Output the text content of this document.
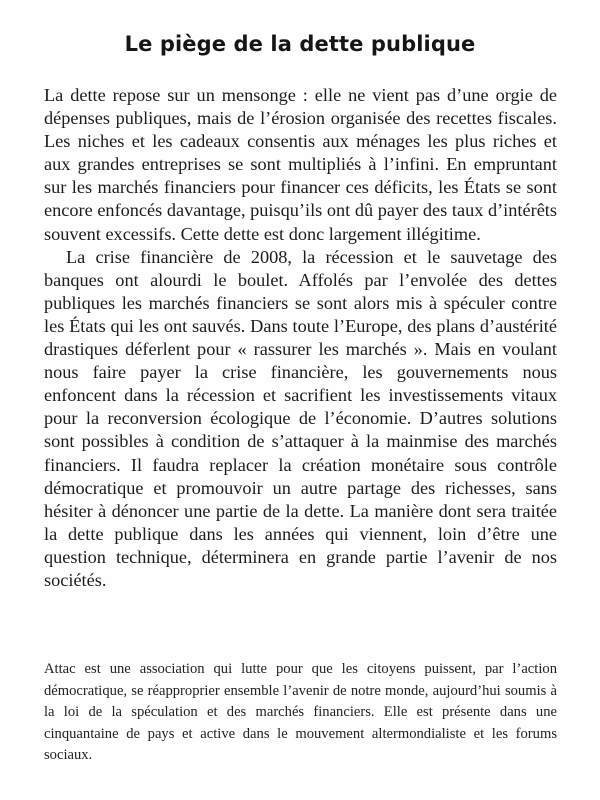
Le piège de la dette publique

La dette repose sur un mensonge : elle ne vient pas d’une orgie de dépenses publiques, mais de l’érosion organisée des recettes fiscales. Les niches et les cadeaux consentis aux ménages les plus riches et aux grandes entreprises se sont multipliés à l’infini. En empruntant sur les marchés financiers pour financer ces déficits, les États se sont encore enfoncés davantage, puisqu’ils ont dû payer des taux d’intérêts souvent excessifs. Cette dette est donc largement illégitime.

La crise financière de 2008, la récession et le sauvetage des banques ont alourdi le boulet. Affolés par l’envolée des dettes publiques les marchés financiers se sont alors mis à spéculer contre les États qui les ont sauvés. Dans toute l’Europe, des plans d’austérité drastiques déferlent pour « rassurer les marchés ». Mais en voulant nous faire payer la crise financière, les gouvernements nous enfoncent dans la récession et sacrifient les investissements vitaux pour la reconversion écologique de l’économie. D’autres solutions sont possibles à condition de s’attaquer à la mainmise des marchés financiers. Il faudra replacer la création monétaire sous contrôle démocratique et promouvoir un autre partage des richesses, sans hésiter à dénoncer une partie de la dette. La manière dont sera traitée la dette publique dans les années qui viennent, loin d’être une question technique, déterminera en grande partie l’avenir de nos sociétés.

Attac est une association qui lutte pour que les citoyens puissent, par l’action démocratique, se réapproprier ensemble l’avenir de notre monde, aujourd’hui soumis à la loi de la spéculation et des marchés financiers. Elle est présente dans une cinquantaine de pays et active dans le mouvement altermondialiste et les forums sociaux.
